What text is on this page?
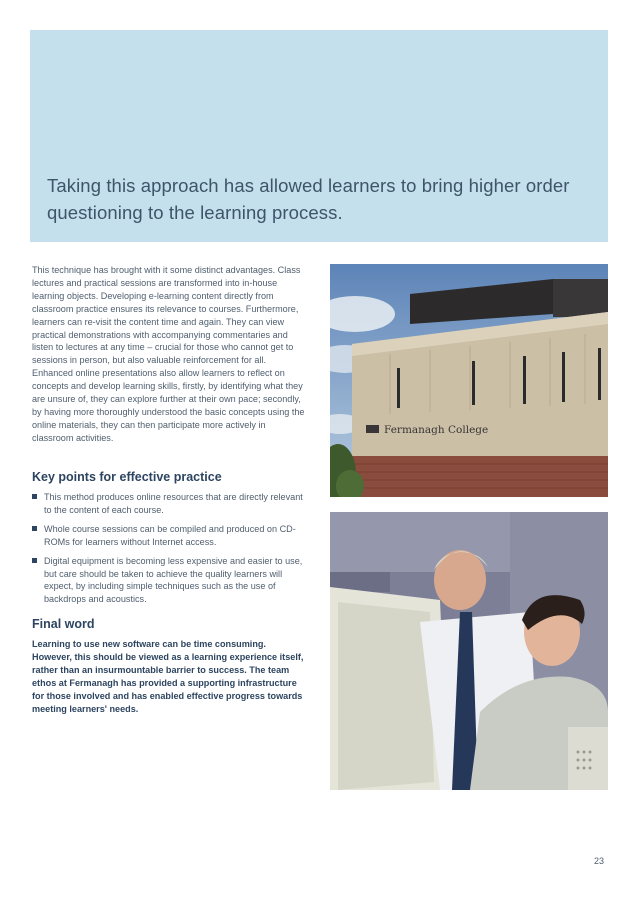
Taking this approach has allowed learners to bring higher order questioning to the learning process.

This technique has brought with it some distinct advantages. Class lectures and practical sessions are transformed into in-house learning objects. Developing e-learning content directly from classroom practice ensures its relevance to courses. Furthermore, learners can re-visit the content time and again. They can view practical demonstrations with accompanying commentaries and listen to lectures at any time – crucial for those who cannot get to sessions in person, but also valuable reinforcement for all. Enhanced online presentations also allow learners to reflect on concepts and develop learning skills, firstly, by identifying what they are unsure of, they can explore further at their own pace; secondly, by having more thoroughly understood the basic concepts using the online materials, they can then participate more actively in classroom activities.

Key points for effective practice
This method produces online resources that are directly relevant to the content of each course.
Whole course sessions can be compiled and produced on CD-ROMs for learners without Internet access.
Digital equipment is becoming less expensive and easier to use, but care should be taken to achieve the quality learners will expect, by including simple techniques such as the use of backdrops and acoustics.
Final word

Learning to use new software can be time consuming. However, this should be viewed as a learning experience itself, rather than an insurmountable barrier to success. The team ethos at Fermanagh has provided a supporting infrastructure for those involved and has enabled effective progress towards meeting learners' needs.

Fermanagh College
23
